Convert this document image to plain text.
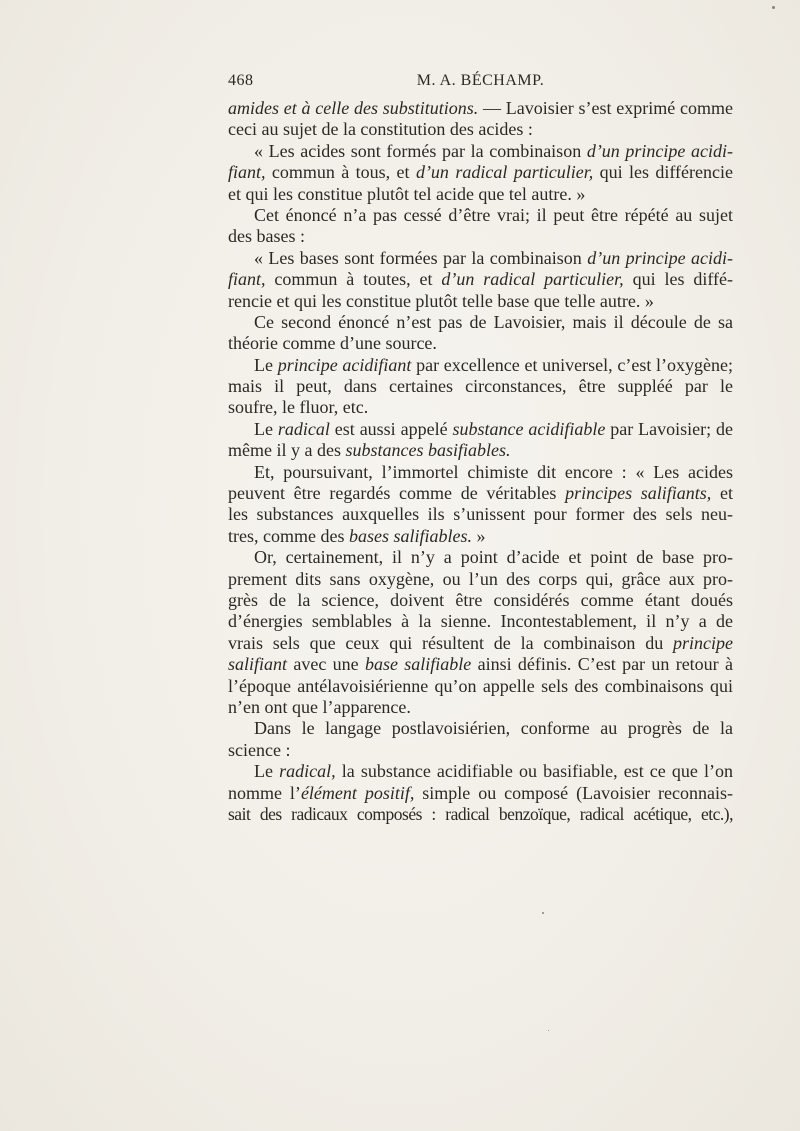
468	M. A. BÉCHAMP.
amides et à celle des substitutions. — Lavoisier s’est exprimé comme
ceci au sujet de la constitution des acides :
« Les acides sont formés par la combinaison d’un principe acidi-
fiant, commun à tous, et d’un radical particulier, qui les différencie
et qui les constitue plutôt tel acide que tel autre. »
Cet énoncé n’a pas cessé d’être vrai; il peut être répété au sujet
des bases :
« Les bases sont formées par la combinaison d’un principe acidi-
fiant, commun à toutes, et d’un radical particulier, qui les diffé-
rencie et qui les constitue plutôt telle base que telle autre. »
Ce second énoncé n’est pas de Lavoisier, mais il découle de sa
théorie comme d’une source.
Le principe acidifiant par excellence et universel, c’est l’oxygène;
mais il peut, dans certaines circonstances, être suppléé par le
soufre, le fluor, etc.
Le radical est aussi appelé substance acidifiable par Lavoisier; de
même il y a des substances basifiables.
Et, poursuivant, l’immortel chimiste dit encore : « Les acides
peuvent être regardés comme de véritables principes salifiants, et
les substances auxquelles ils s’unissent pour former des sels neu-
tres, comme des bases salifiables. »
Or, certainement, il n’y a point d’acide et point de base pro-
prement dits sans oxygène, ou l’un des corps qui, grâce aux pro-
grès de la science, doivent être considérés comme étant doués
d’énergies semblables à la sienne. Incontestablement, il n’y a de
vrais sels que ceux qui résultent de la combinaison du principe
salifiant avec une base salifiable ainsi définis. C’est par un retour à
l’époque antélavoisiérienne qu’on appelle sels des combinaisons qui
n’en ont que l’apparence.
Dans le langage postlavoisiérien, conforme au progrès de la
science :
Le radical, la substance acidifiable ou basifiable, est ce que l’on
nomme l’élément positif, simple ou composé (Lavoisier reconnais-
sait des radicaux composés : radical benzoïque, radical acétique, etc.),
